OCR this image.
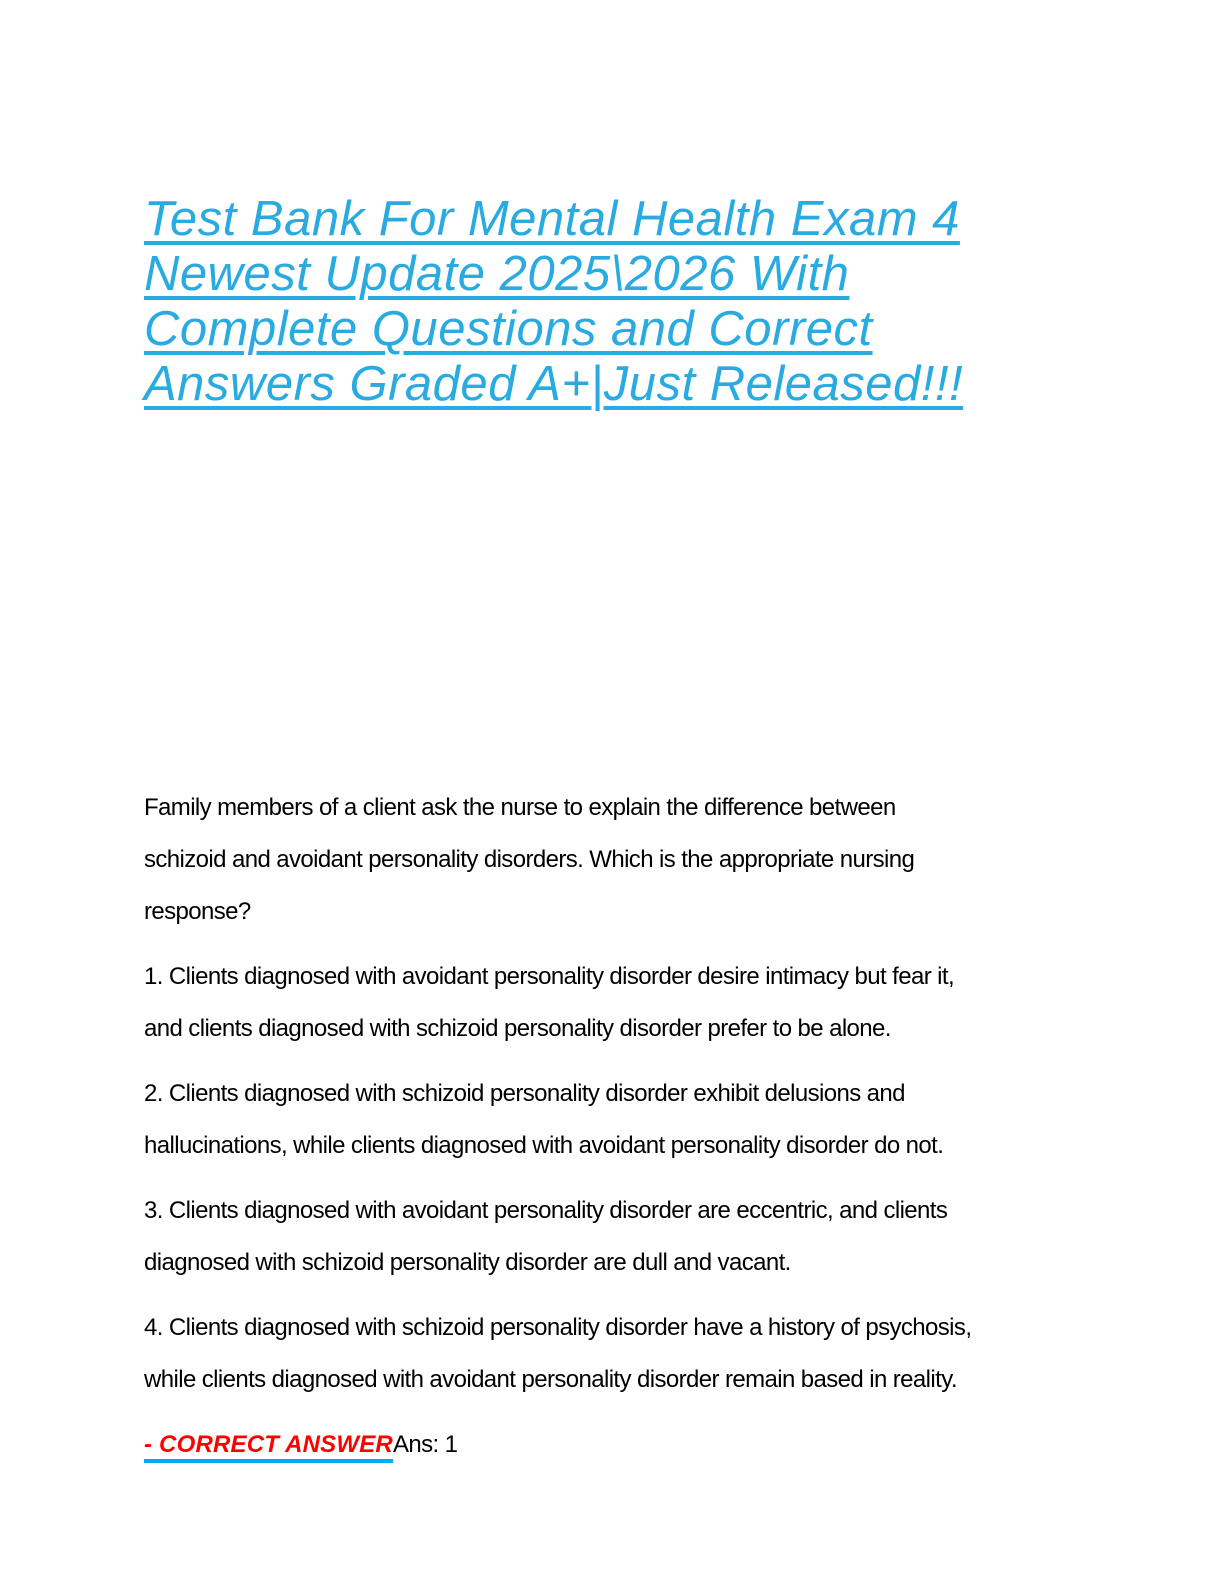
Test Bank For Mental Health Exam 4
Newest Update 2025\2026 With
Complete Questions and Correct
Answers Graded A+|Just Released!!!
Family members of a client ask the nurse to explain the difference between
schizoid and avoidant personality disorders. Which is the appropriate nursing
response?
1. Clients diagnosed with avoidant personality disorder desire intimacy but fear it,
and clients diagnosed with schizoid personality disorder prefer to be alone.
2. Clients diagnosed with schizoid personality disorder exhibit delusions and
hallucinations, while clients diagnosed with avoidant personality disorder do not.
3. Clients diagnosed with avoidant personality disorder are eccentric, and clients
diagnosed with schizoid personality disorder are dull and vacant.
4. Clients diagnosed with schizoid personality disorder have a history of psychosis,
while clients diagnosed with avoidant personality disorder remain based in reality.
- CORRECT ANSWERAns: 1
